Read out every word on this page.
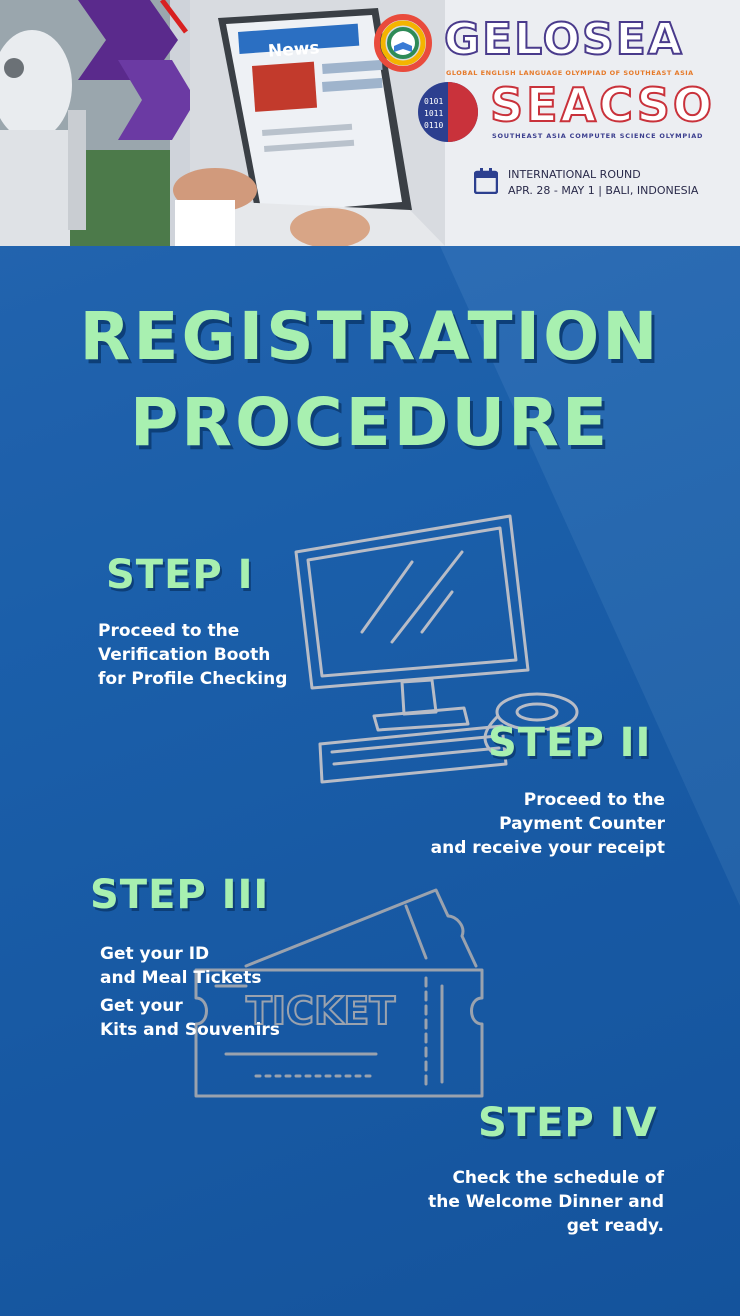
News	GELOSEA
GLOBAL ENGLISH LANGUAGE OLYMPIAD OF SOUTHEAST ASIA
0101
1011
0110 SEACSO
SOUTHEAST ASIA COMPUTER SCIENCE OLYMPIAD
INTERNATIONAL ROUND
APR. 28 - MAY 1 | BALI, INDONESIA
REGISTRATION
PROCEDURE
TICKET
STEP I
Proceed to the
Verification Booth
for Profile Checking
STEP II
Proceed to the
Payment Counter
and receive your receipt
STEP III
Get your ID
and Meal Tickets
Get your
Kits and Souvenirs
STEP IV
Check the schedule of
the Welcome Dinner and
get ready.
